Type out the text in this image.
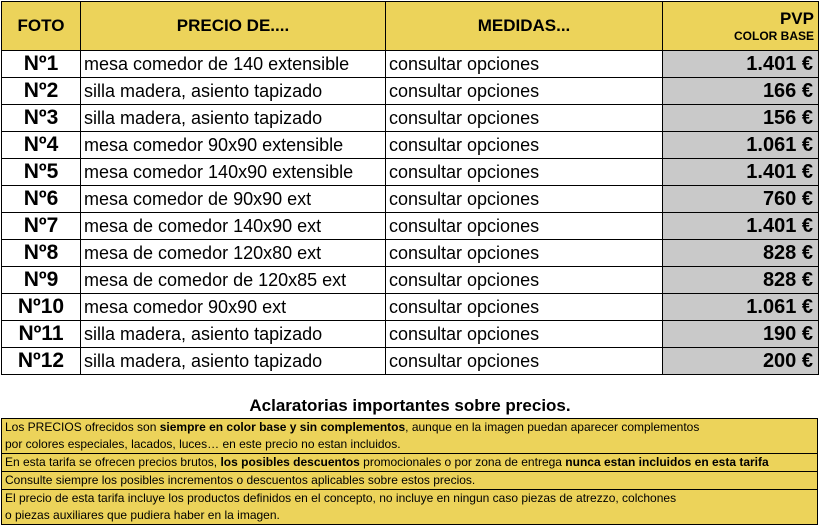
FOTO	PRECIO DE....	MEDIDAS...	PVP
COLOR BASE

Nº1	mesa comedor de 140 extensible	consultar opciones	1.401 €
Nº2	silla madera, asiento tapizado	consultar opciones	166 €
Nº3	silla madera, asiento tapizado	consultar opciones	156 €
Nº4	mesa comedor 90x90 extensible	consultar opciones	1.061 €
Nº5	mesa comedor 140x90 extensible	consultar opciones	1.401 €
Nº6	mesa comedor de 90x90 ext	consultar opciones	760 €
Nº7	mesa de comedor 140x90 ext	consultar opciones	1.401 €
Nº8	mesa de comedor 120x80 ext	consultar opciones	828 €
Nº9	mesa de comedor de 120x85 ext	consultar opciones	828 €
Nº10	mesa comedor 90x90 ext	consultar opciones	1.061 €
Nº11	silla madera, asiento tapizado	consultar opciones	190 €
Nº12	silla madera, asiento tapizado	consultar opciones	200 €
Aclaratorias importantes sobre precios.
Los PRECIOS ofrecidos son siempre en color base y sin complementos, aunque en la imagen puedan aparecer complementos
por colores especiales, lacados, luces… en este precio no estan incluidos.
En esta tarifa se ofrecen precios brutos, los posibles descuentos promocionales o por zona de entrega nunca estan incluidos en esta tarifa
Consulte siempre los posibles incrementos o descuentos aplicables sobre estos precios.
El precio de esta tarifa incluye los productos definidos en el concepto, no incluye en ningun caso piezas de atrezzo, colchones
o piezas auxiliares que pudiera haber en la imagen.
